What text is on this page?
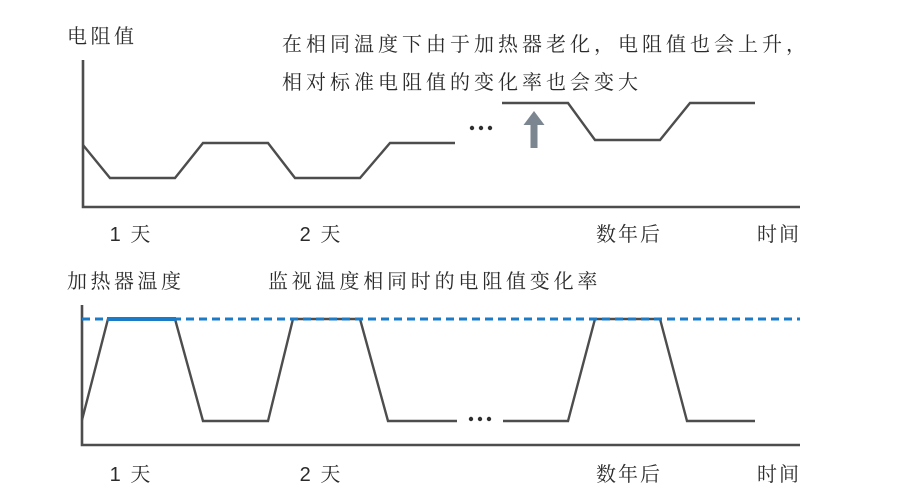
电阻值	在相同温度下由于加热器老化，电阻值也会上升，
相对标准电阻值的变化率也会变大
1 天	2 天	数年后	时间
加热器温度	监视温度相同时的电阻值变化率
1 天	2 天	数年后	时间
